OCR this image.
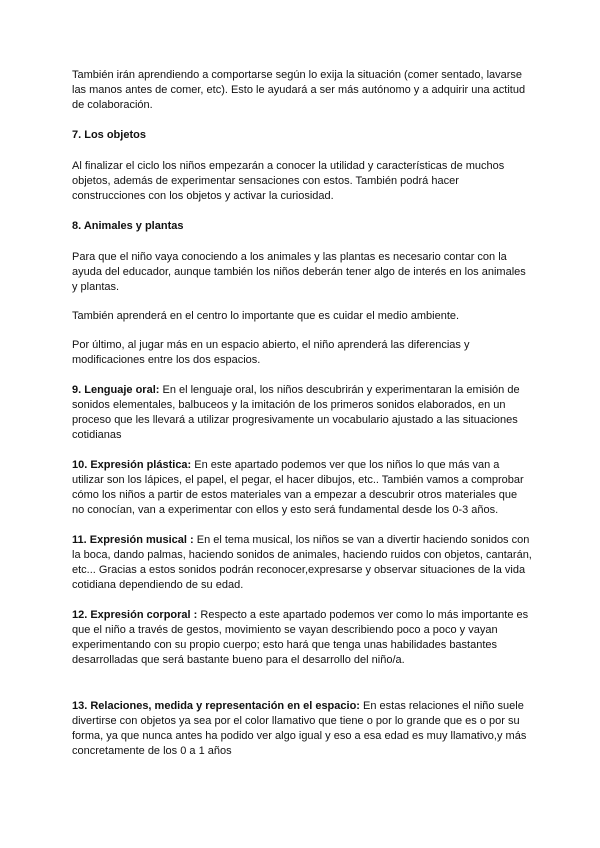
También irán aprendiendo a comportarse según lo exija la situación (comer sentado, lavarse las manos antes de comer, etc). Esto le ayudará a ser más autónomo y a adquirir una actitud de colaboración.

7. Los objetos

Al finalizar el ciclo los niños empezarán a conocer la utilidad y características de muchos objetos, además de experimentar sensaciones con estos. También podrá hacer construcciones con los objetos y activar la curiosidad.

8. Animales y plantas

Para que el niño vaya conociendo a los animales y las plantas es necesario contar con la ayuda del educador, aunque también los niños deberán tener algo de interés en los animales y plantas.

También aprenderá en el centro lo importante que es cuidar el medio ambiente.

Por último, al jugar más en un espacio abierto, el niño aprenderá las diferencias y modificaciones entre los dos espacios.

9. Lenguaje oral: En el lenguaje oral, los niños descubrirán y experimentaran la emisión de sonidos elementales, balbuceos y la imitación de los primeros sonidos elaborados, en un proceso que les llevará a utilizar progresivamente un vocabulario ajustado a las situaciones cotidianas

10. Expresión plástica: En este apartado podemos ver que los niños lo que más van a utilizar son los lápices, el papel, el pegar, el hacer dibujos, etc.. También vamos a comprobar cómo los niños a partir de estos materiales van a empezar a descubrir otros materiales que no conocían, van a experimentar con ellos y esto será fundamental desde los 0-3 años.

11. Expresión musical : En el tema musical, los niños se van a divertir haciendo sonidos con la boca, dando palmas, haciendo sonidos de animales, haciendo ruidos con objetos, cantarán, etc... Gracias a estos sonidos podrán reconocer,expresarse y observar situaciones de la vida cotidiana dependiendo de su edad.

12. Expresión corporal : Respecto a este apartado podemos ver como lo más importante es que el niño a través de gestos, movimiento se vayan describiendo poco a poco y vayan experimentando con su propio cuerpo; esto hará que tenga unas habilidades bastantes desarrolladas que será bastante bueno para el desarrollo del niño/a.

13. Relaciones, medida y representación en el espacio: En estas relaciones el niño suele divertirse con objetos ya sea por el color llamativo que tiene o por lo grande que es o por su forma, ya que nunca antes ha podido ver algo igual y eso a esa edad es muy llamativo,y más concretamente de los 0 a 1 años
